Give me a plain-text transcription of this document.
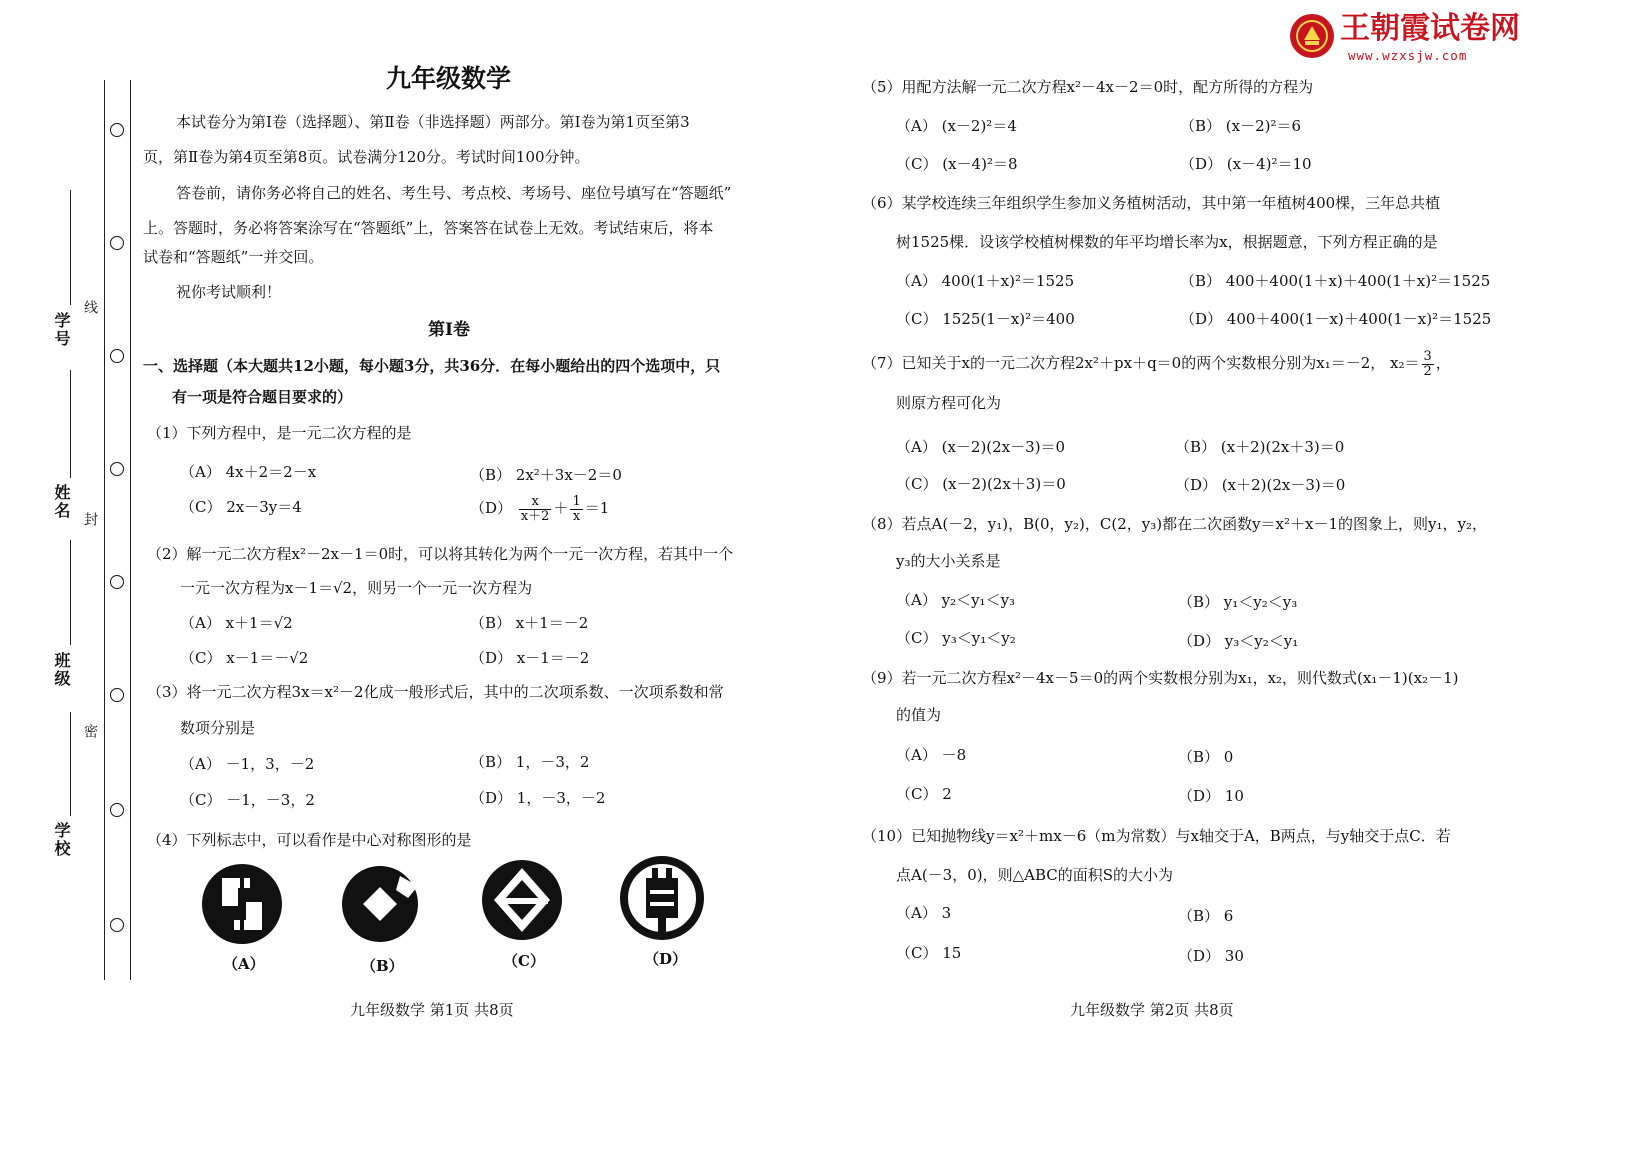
王朝霞试卷网
www.wzxsjw.com
线
封
密
学号
姓名
班级
学校
九年级数学
本试卷分为第Ⅰ卷（选择题）、第Ⅱ卷（非选择题）两部分。第Ⅰ卷为第1页至第3
页，第Ⅱ卷为第4页至第8页。试卷满分120分。考试时间100分钟。
答卷前，请你务必将自己的姓名、考生号、考点校、考场号、座位号填写在“答题纸”
上。答题时，务必将答案涂写在“答题纸”上，答案答在试卷上无效。考试结束后，将本
试卷和“答题纸”一并交回。
祝你考试顺利！
第Ⅰ卷
一、选择题（本大题共12小题，每小题3分，共36分．在每小题给出的四个选项中，只
有一项是符合题目要求的）
（1）下列方程中，是一元二次方程的是
（A） 4x＋2＝2－x	（B） 2x²＋3x－2＝0
（C） 2x－3y＝4	$(D) \frac{x}{x+2} + \frac{1}{x} =1$
（2）解一元二次方程x²－2x－1＝0时，可以将其转化为两个一元一次方程，若其中一个
一元一次方程为x－1＝√2，则另一个一元一次方程为
（A） x＋1＝√2	（B） x＋1＝－2
（C） x－1＝－√2	（D） x－1＝－2
（3）将一元二次方程3x＝x²－2化成一般形式后，其中的二次项系数、一次项系数和常
数项分别是
（A） －1，3，－2	（B） 1，－3，2
（C） －1，－3，2	（D） 1，－3，－2
（4）下列标志中，可以看作是中心对称图形的是
（A）	（B）	（C）	（D）
九年级数学 第1页 共8页
（5）用配方法解一元二次方程x²－4x－2＝0时，配方所得的方程为
（A） (x－2)²＝4	（B） (x－2)²＝6
（C） (x－4)²＝8	（D） (x－4)²＝10
（6）某学校连续三年组织学生参加义务植树活动，其中第一年植树400棵，三年总共植
树1525棵．设该学校植树棵数的年平均增长率为x，根据题意，下列方程正确的是
（A） 400(1＋x)²＝1525	（B） 400＋400(1＋x)＋400(1＋x)²＝1525
（C） 1525(1－x)²＝400	（D） 400＋400(1－x)＋400(1－x)²＝1525
（7）已知关于x的一元二次方程2x²＋px＋q＝0的两个实数根分别为x₁＝－2， $x_2= \frac{3}{2}$ ，
则原方程可化为
（A） (x－2)(2x－3)＝0	（B） (x＋2)(2x＋3)＝0
（C） (x－2)(2x＋3)＝0	（D） (x＋2)(2x－3)＝0
（8）若点A(－2，y₁)，B(0，y₂)，C(2，y₃)都在二次函数y＝x²＋x－1的图象上，则y₁，y₂，
y₃的大小关系是
（A） y₂＜y₁＜y₃	（B） y₁＜y₂＜y₃
（C） y₃＜y₁＜y₂	（D） y₃＜y₂＜y₁
（9）若一元二次方程x²－4x－5＝0的两个实数根分别为x₁，x₂，则代数式(x₁－1)(x₂－1)
的值为
（A） －8	（B） 0
（C） 2	（D） 10
（10）已知抛物线y＝x²＋mx－6（m为常数）与x轴交于A，B两点，与y轴交于点C．若
点A(－3，0)，则△ABC的面积S的大小为
（A） 3	（B） 6
（C） 15	（D） 30
九年级数学 第2页 共8页
